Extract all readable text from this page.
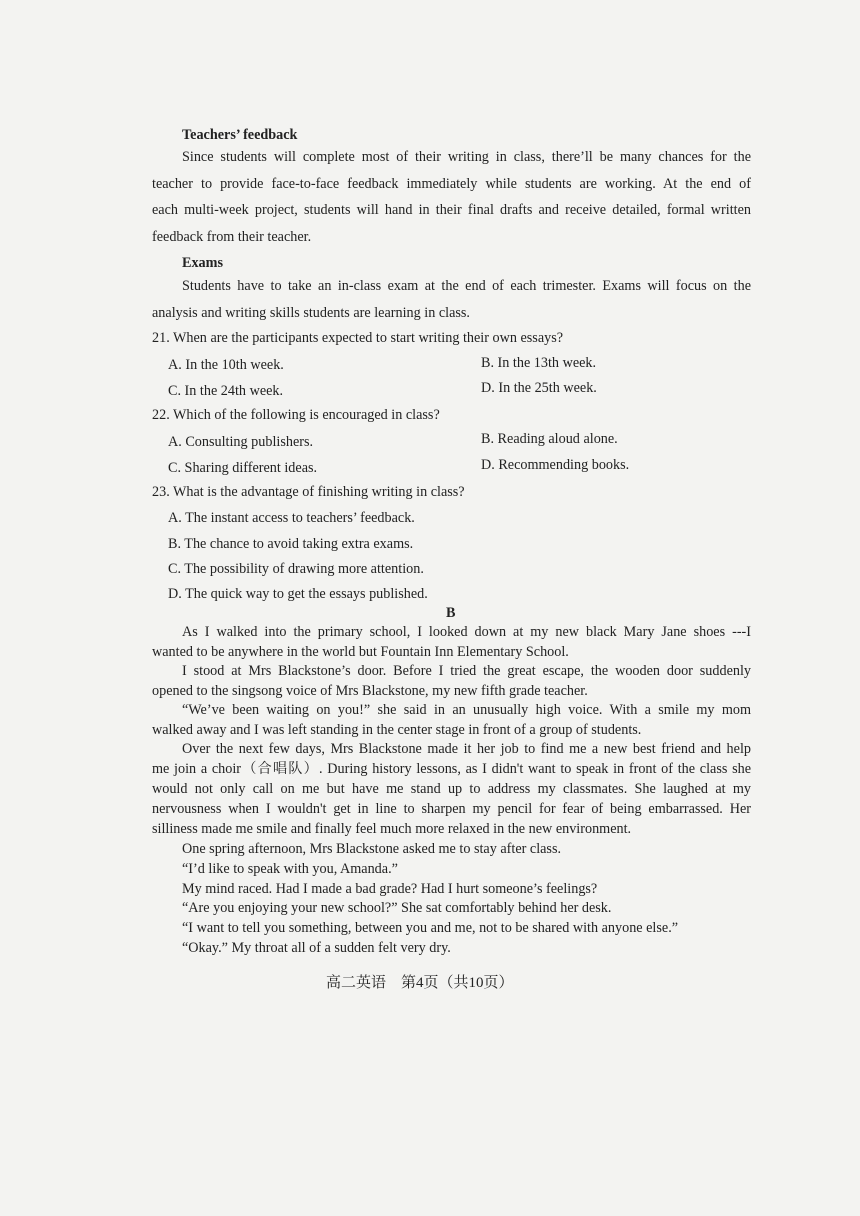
Teachers’ feedback
Since students will complete most of their writing in class, there’ll be many chances for the
teacher to provide face-to-face feedback immediately while students are working. At the end of
each multi-week project, students will hand in their final drafts and receive detailed, formal written
feedback from their teacher.
Exams
Students have to take an in-class exam at the end of each trimester. Exams will focus on the
analysis and writing skills students are learning in class.
21. When are the participants expected to start writing their own essays?
A. In the 10th week.	B. In the 13th week.
C. In the 24th week.	D. In the 25th week.
22. Which of the following is encouraged in class?
A. Consulting publishers.	B. Reading aloud alone.
C. Sharing different ideas.	D. Recommending books.
23. What is the advantage of finishing writing in class?
A. The instant access to teachers’ feedback.
B. The chance to avoid taking extra exams.
C. The possibility of drawing more attention.
D. The quick way to get the essays published.
B
As I walked into the primary school, I looked down at my new black Mary Jane shoes ---I
wanted to be anywhere in the world but Fountain Inn Elementary School.
I stood at Mrs Blackstone’s door. Before I tried the great escape, the wooden door suddenly
opened to the singsong voice of Mrs Blackstone, my new fifth grade teacher.
“We’ve been waiting on you!” she said in an unusually high voice. With a smile my mom
walked away and I was left standing in the center stage in front of a group of students.
Over the next few days, Mrs Blackstone made it her job to find me a new best friend and help
me join a choir（合唱队）. During history lessons, as I didn't want to speak in front of the class she
would not only call on me but have me stand up to address my classmates. She laughed at my
nervousness when I wouldn't get in line to sharpen my pencil for fear of being embarrassed. Her
silliness made me smile and finally feel much more relaxed in the new environment.
One spring afternoon, Mrs Blackstone asked me to stay after class.
“I’d like to speak with you, Amanda.”
My mind raced. Had I made a bad grade? Had I hurt someone’s feelings?
“Are you enjoying your new school?” She sat comfortably behind her desk.
“I want to tell you something, between you and me, not to be shared with anyone else.”
“Okay.” My throat all of a sudden felt very dry.
高二英语　第4页（共10页）
